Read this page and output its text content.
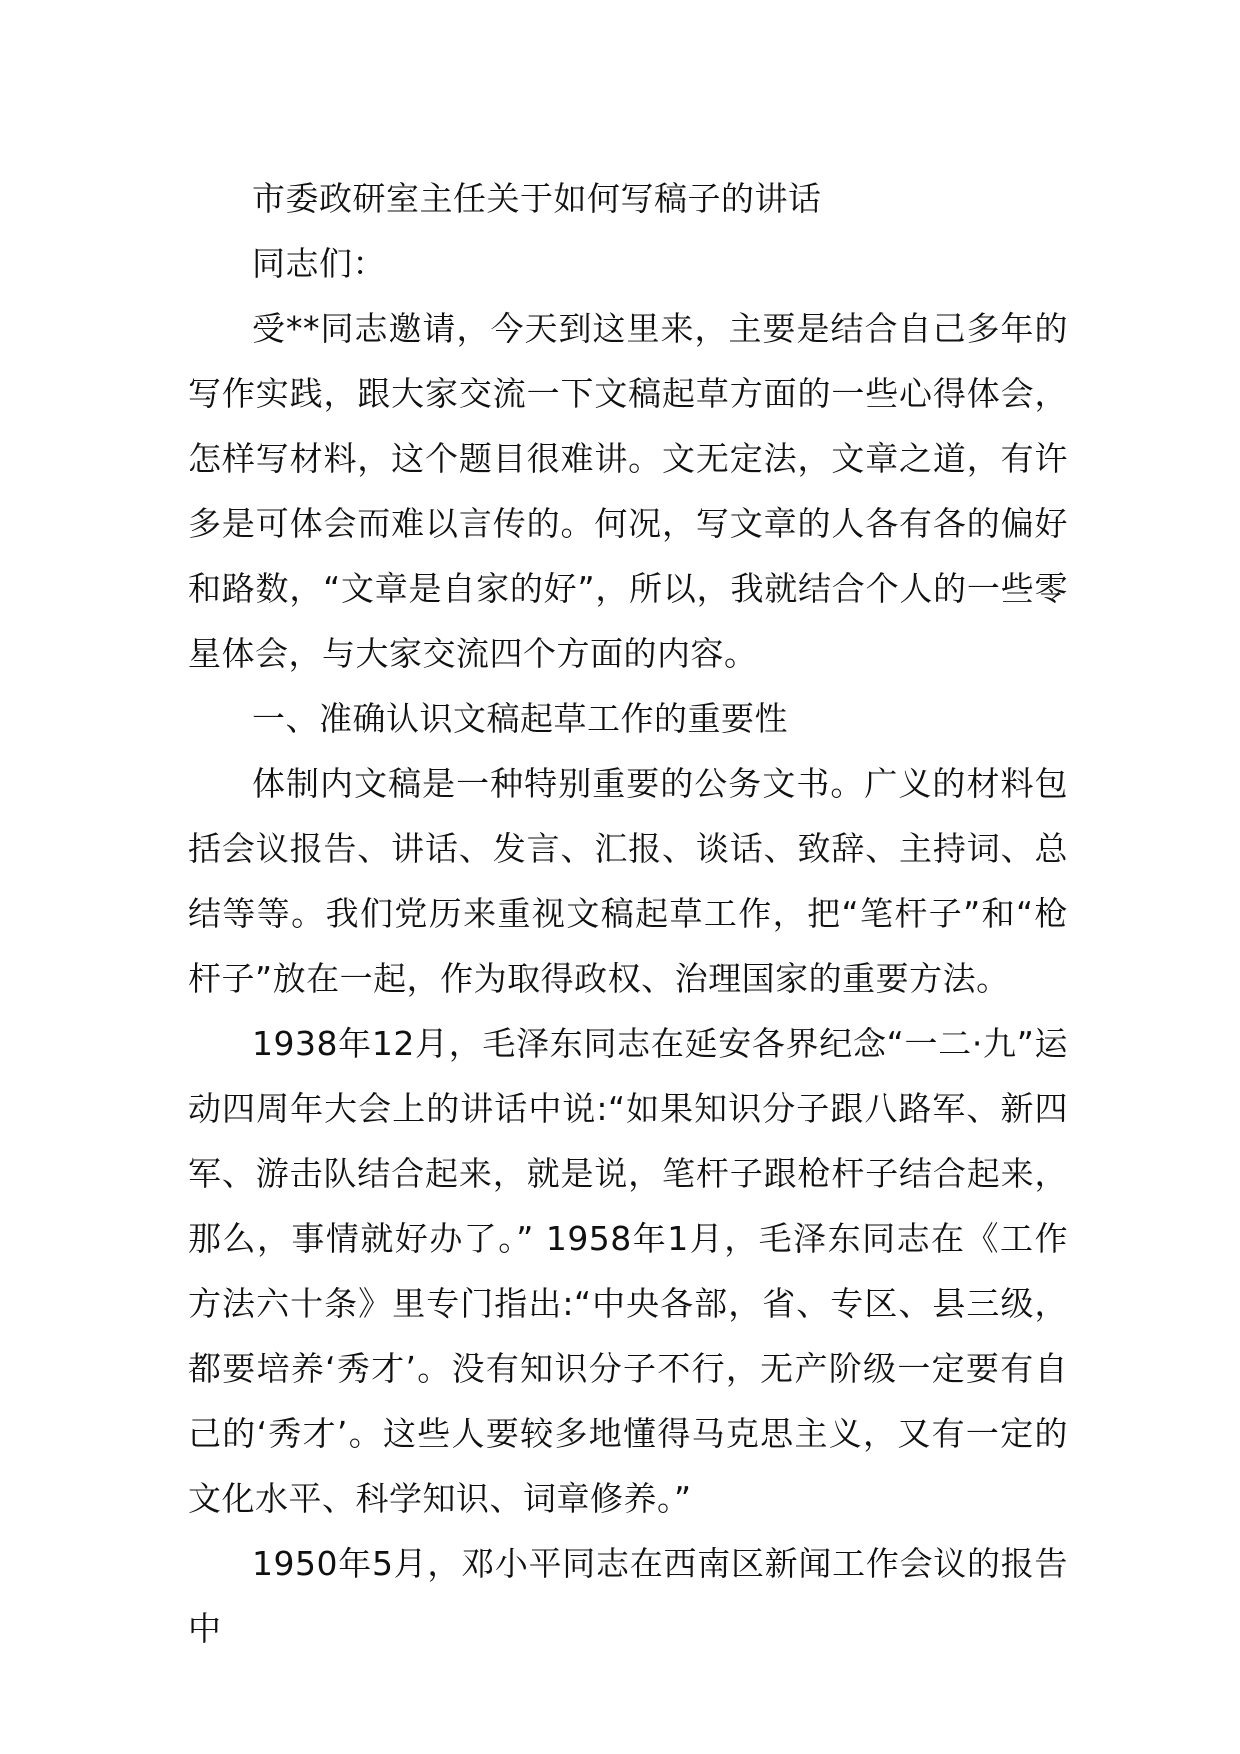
市委政研室主任关于如何写稿子的讲话

同志们：

受**同志邀请，今天到这里来，主要是结合自己多年的写作实践，跟大家交流一下文稿起草方面的一些心得体会，怎样写材料，这个题目很难讲。文无定法，文章之道，有许多是可体会而难以言传的。何况，写文章的人各有各的偏好和路数，“文章是自家的好”，所以，我就结合个人的一些零星体会，与大家交流四个方面的内容。

一、准确认识文稿起草工作的重要性

体制内文稿是一种特别重要的公务文书。广义的材料包括会议报告、讲话、发言、汇报、谈话、致辞、主持词、总结等等。我们党历来重视文稿起草工作，把“笔杆子”和“枪杆子”放在一起，作为取得政权、治理国家的重要方法。

1938年12月，毛泽东同志在延安各界纪念“一二·九”运动四周年大会上的讲话中说:“如果知识分子跟八路军、新四军、游击队结合起来，就是说，笔杆子跟枪杆子结合起来，那么，事情就好办了。” 1958年1月，毛泽东同志在《工作方法六十条》里专门指出:“中央各部，省、专区、县三级，都要培养‘秀才’。没有知识分子不行，无产阶级一定要有自己的‘秀才’。这些人要较多地懂得马克思主义，又有一定的文化水平、科学知识、词章修养。”

1950年5月，邓小平同志在西南区新闻工作会议的报告中
